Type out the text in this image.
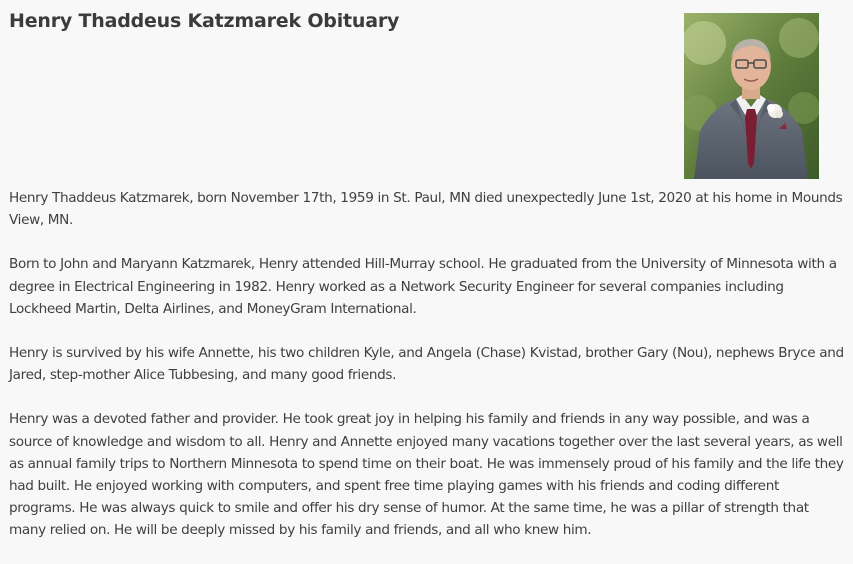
Henry Thaddeus Katzmarek Obituary

Henry Thaddeus Katzmarek, born November 17th, 1959 in St. Paul, MN died unexpectedly June 1st, 2020 at his home in Mounds View, MN.

Born to John and Maryann Katzmarek, Henry attended Hill-Murray school. He graduated from the University of Minnesota with a degree in Electrical Engineering in 1982. Henry worked as a Network Security Engineer for several companies including Lockheed Martin, Delta Airlines, and MoneyGram International.

Henry is survived by his wife Annette, his two children Kyle, and Angela (Chase) Kvistad, brother Gary (Nou), nephews Bryce and Jared, step-mother Alice Tubbesing, and many good friends.

Henry was a devoted father and provider. He took great joy in helping his family and friends in any way possible, and was a source of knowledge and wisdom to all. Henry and Annette enjoyed many vacations together over the last several years, as well as annual family trips to Northern Minnesota to spend time on their boat. He was immensely proud of his family and the life they had built. He enjoyed working with computers, and spent free time playing games with his friends and coding different programs. He was always quick to smile and offer his dry sense of humor. At the same time, he was a pillar of strength that many relied on. He will be deeply missed by his family and friends, and all who knew him.
